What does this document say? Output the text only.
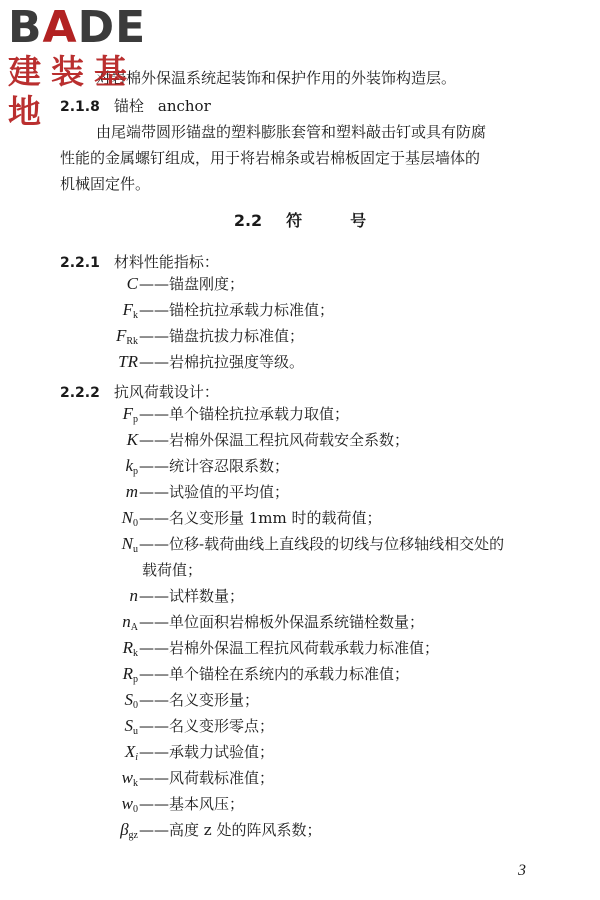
BADE
建装基地
对岩棉外保温系统起装饰和保护作用的外装饰构造层。
2.1.8 锚栓 anchor
由尾端带圆形锚盘的塑料膨胀套管和塑料敲击钉或具有防腐
性能的金属螺钉组成，用于将岩棉条或岩棉板固定于基层墙体的
机械固定件。
2.2 符	号
2.2.1 材料性能指标：
C ——锚盘刚度；
$F_k$ ——锚栓抗拉承载力标准值；
$F_{Rk}$ ——锚盘抗拔力标准值；
TR ——岩棉抗拉强度等级。
2.2.2 抗风荷载设计：
$F_p$ ——单个锚栓抗拉承载力取值；
K ——岩棉外保温工程抗风荷载安全系数；
$k_p$ ——统计容忍限系数；
m ——试验值的平均值；
$N_0$ ——名义变形量 1mm 时的载荷值；
$N_u$ ——位移-载荷曲线上直线段的切线与位移轴线相交处的
载荷值；
n ——试样数量；
$n_A$ ——单位面积岩棉板外保温系统锚栓数量；
$R_k$ ——岩棉外保温工程抗风荷载承载力标准值；
$R_p$ ——单个锚栓在系统内的承载力标准值；
$S_0$ ——名义变形量；
$S_u$ ——名义变形零点；
$X_i$ ——承载力试验值；
$w_k$ ——风荷载标准值；
$w_0$ ——基本风压；
$\beta_{gz}$ ——高度 z 处的阵风系数；
3
